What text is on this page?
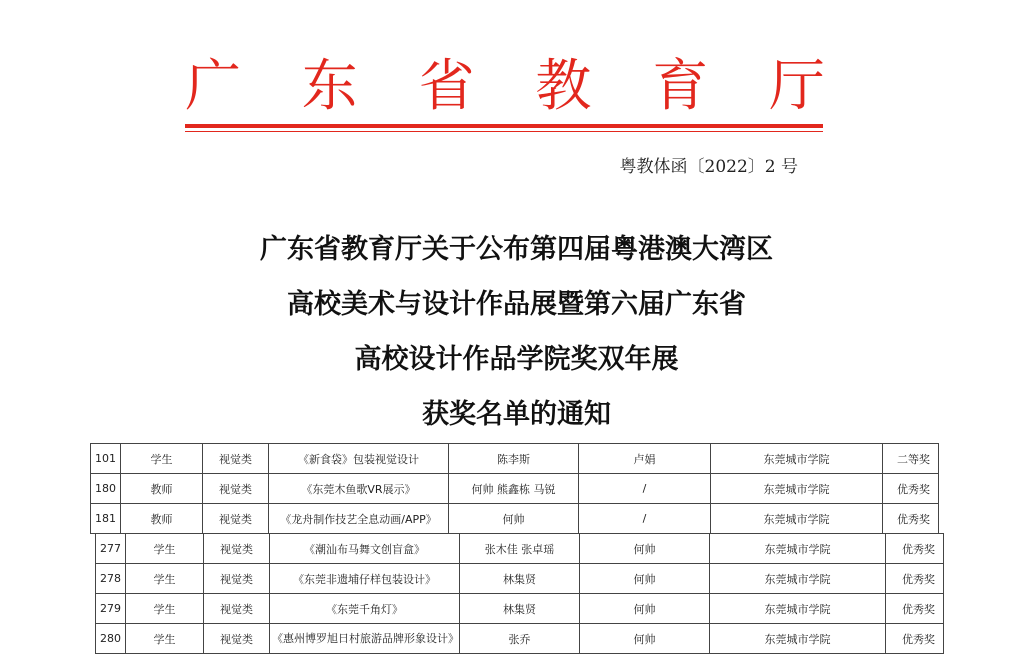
广 东 省 教 育 厅
粤教体函〔2022〕2 号
广东省教育厅关于公布第四届粤港澳大湾区
高校美术与设计作品展暨第六届广东省
高校设计作品学院奖双年展
获奖名单的通知
101	学生	视觉类	《新食袋》包装视觉设计	陈李斯	卢娟	东莞城市学院	二等奖
180	教师	视觉类	《东莞木鱼歌VR展示》	何帅 熊鑫栋 马锐	/	东莞城市学院	优秀奖
181	教师	视觉类	《龙舟制作技艺全息动画/APP》	何帅	/	东莞城市学院	优秀奖
277	学生	视觉类	《潮汕布马舞文创盲盒》	张木佳 张卓瑶	何帅	东莞城市学院	优秀奖
278	学生	视觉类	《东莞非遗埔仔样包装设计》	林集贤	何帅	东莞城市学院	优秀奖
279	学生	视觉类	《东莞千角灯》	林集贤	何帅	东莞城市学院	优秀奖
280	学生	视觉类	《惠州博罗旭日村旅游品牌形象设计》	张乔	何帅	东莞城市学院	优秀奖
